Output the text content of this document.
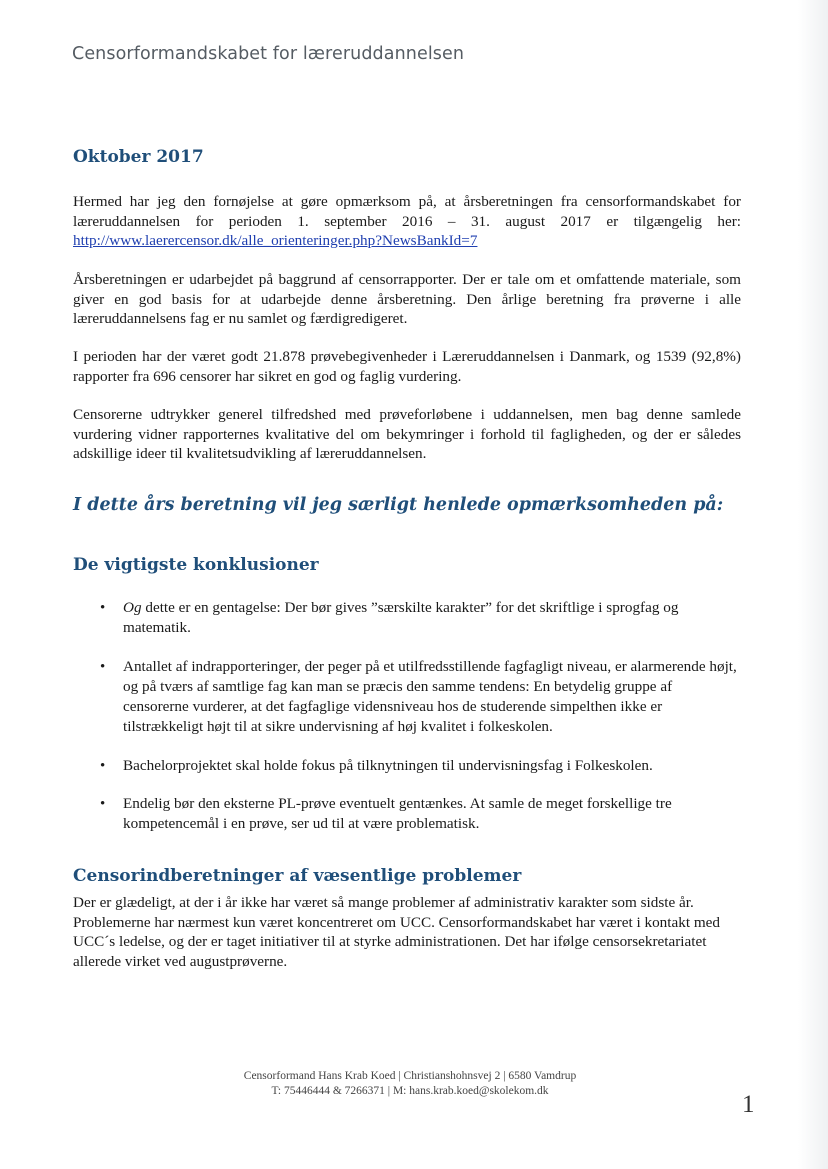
Censorformandskabet for læreruddannelsen
Oktober 2017

Hermed har jeg den fornøjelse at gøre opmærksom på, at årsberetningen fra censorformandskabet for læreruddannelsen for perioden 1. september 2016 – 31. august 2017 er tilgængelig her: http://www.laerercensor.dk/alle_orienteringer.php?NewsBankId=7

Årsberetningen er udarbejdet på baggrund af censorrapporter. Der er tale om et omfattende materiale, som giver en god basis for at udarbejde denne årsberetning. Den årlige beretning fra prøverne i alle læreruddannelsens fag er nu samlet og færdigredigeret.

I perioden har der været godt 21.878 prøvebegivenheder i Læreruddannelsen i Danmark, og 1539 (92,8%) rapporter fra 696 censorer har sikret en god og faglig vurdering.

Censorerne udtrykker generel tilfredshed med prøveforløbene i uddannelsen, men bag denne samlede vurdering vidner rapporternes kvalitative del om bekymringer i forhold til fagligheden, og der er således adskillige ideer til kvalitetsudvikling af læreruddannelsen.

I dette års beretning vil jeg særligt henlede opmærksomheden på:
De vigtigste konklusioner
• Og dette er en gentagelse: Der bør gives ”særskilte karakter” for det skriftlige i sprogfag og matematik.
• Antallet af indrapporteringer, der peger på et utilfredsstillende fagfagligt niveau, er alarmerende højt, og på tværs af samtlige fag kan man se præcis den samme tendens: En betydelig gruppe af censorerne vurderer, at det fagfaglige vidensniveau hos de studerende simpelthen ikke er tilstrækkeligt højt til at sikre undervisning af høj kvalitet i folkeskolen.
• Bachelorprojektet skal holde fokus på tilknytningen til undervisningsfag i Folkeskolen.
• Endelig bør den eksterne PL-prøve eventuelt gentænkes. At samle de meget forskellige tre kompetencemål i en prøve, ser ud til at være problematisk.
Censorindberetninger af væsentlige problemer

Der er glædeligt, at der i år ikke har været så mange problemer af administrativ karakter som sidste år. Problemerne har nærmest kun været koncentreret om UCC. Censorformandskabet har været i kontakt med UCC´s ledelse, og der er taget initiativer til at styrke administrationen. Det har ifølge censorsekretariatet allerede virket ved augustprøverne.

Censorformand Hans Krab Koed | Christianshohnsvej 2 | 6580 Vamdrup
T: 75446444 & 7266371 | M: hans.krab.koed@skolekom.dk	1
